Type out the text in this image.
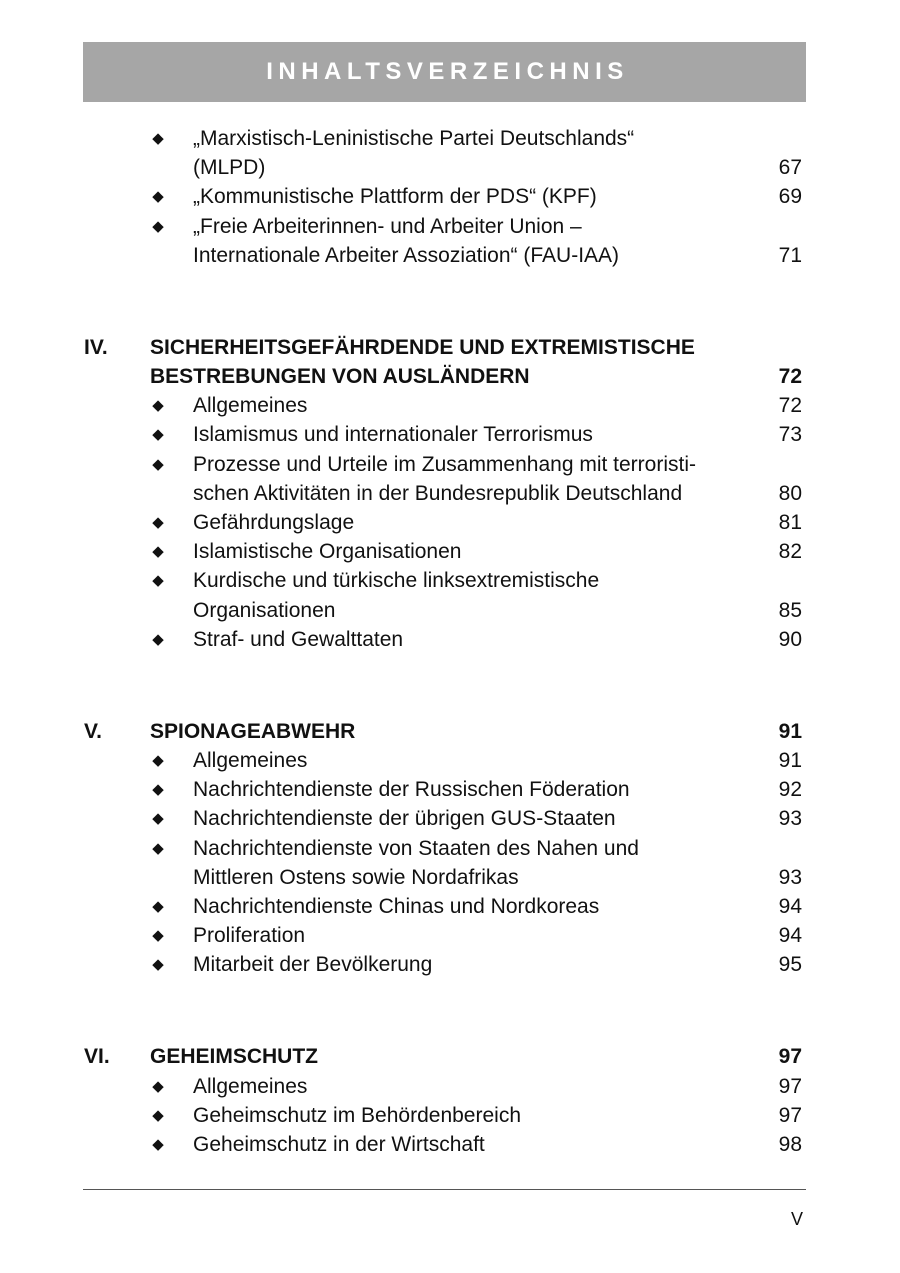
INHALTSVERZEICHNIS
◆ „Marxistisch-Leninistische Partei Deutschlands“
(MLPD)	67
◆ „Kommunistische Plattform der PDS“ (KPF)	69
◆ „Freie Arbeiterinnen- und Arbeiter Union –
Internationale Arbeiter Assoziation“ (FAU-IAA)	71
IV. SICHERHEITSGEFÄHRDENDE UND EXTREMISTISCHE
BESTREBUNGEN VON AUSLÄNDERN	72
◆ Allgemeines	72
◆ Islamismus und internationaler Terrorismus	73
◆ Prozesse und Urteile im Zusammenhang mit terroristi-
schen Aktivitäten in der Bundesrepublik Deutschland	80
◆ Gefährdungslage	81
◆ Islamistische Organisationen	82
◆ Kurdische und türkische linksextremistische
Organisationen	85
◆ Straf- und Gewalttaten	90
V. SPIONAGEABWEHR	91
◆ Allgemeines	91
◆ Nachrichtendienste der Russischen Föderation	92
◆ Nachrichtendienste der übrigen GUS-Staaten	93
◆ Nachrichtendienste von Staaten des Nahen und
Mittleren Ostens sowie Nordafrikas	93
◆ Nachrichtendienste Chinas und Nordkoreas	94
◆ Proliferation	94
◆ Mitarbeit der Bevölkerung	95
VI. GEHEIMSCHUTZ	97
◆ Allgemeines	97
◆ Geheimschutz im Behördenbereich	97
◆ Geheimschutz in der Wirtschaft	98
V
